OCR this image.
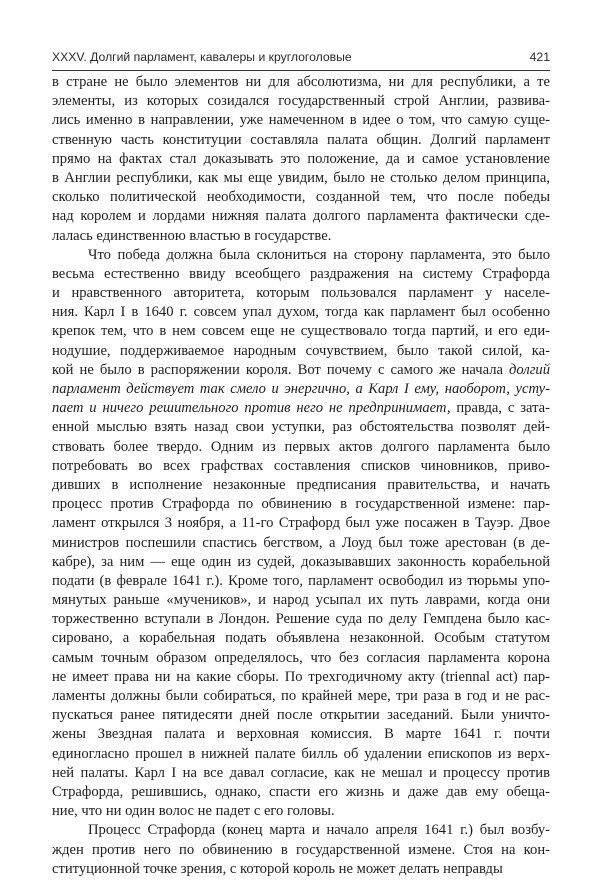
XXXV. Долгий парламент, кавалеры и круглоголовые	421
в стране не было элементов ни для абсолютизма, ни для республики, а те
элементы, из которых созидался государственный строй Англии, развива-
лись именно в направлении, уже намеченном в идее о том, что самую суще-
ственную часть конституции составляла палата общин. Долгий парламент
прямо на фактах стал доказывать это положение, да и самое установление
в Англии республики, как мы еще увидим, было не столько делом принципа,
сколько политической необходимости, созданной тем, что после победы
над королем и лордами нижняя палата долгого парламента фактически сде-
лалась единственною властью в государстве.
Что победа должна была склониться на сторону парламента, это было
весьма естественно ввиду всеобщего раздражения на систему Страфорда
и нравственного авторитета, которым пользовался парламент у населе-
ния. Карл I в 1640 г. совсем упал духом, тогда как парламент был особенно
крепок тем, что в нем совсем еще не существовало тогда партий, и его еди-
нодушие, поддерживаемое народным сочувствием, было такой силой, ка-
кой не было в распоряжении короля. Вот почему с самого же начала долгий
парламент действует так смело и энергично, а Карл I ему, наоборот, усту-
пает и ничего решительного против него не предпринимает, правда, с зата-
енной мыслью взять назад свои уступки, раз обстоятельства позволят дей-
ствовать более твердо. Одним из первых актов долгого парламента было
потребовать во всех графствах составления списков чиновников, приво-
дивших в исполнение незаконные предписания правительства, и начать
процесс против Страфорда по обвинению в государственной измене: пар-
ламент открылся 3 ноября, а 11-го Страфорд был уже посажен в Тауэр. Двое
министров поспешили спастись бегством, а Лоуд был тоже арестован (в де-
кабре), за ним — еще один из судей, доказывавших законность корабельной
подати (в феврале 1641 г.). Кроме того, парламент освободил из тюрьмы упо-
мянутых раньше «мучеников», и народ усыпал их путь лаврами, когда они
торжественно вступали в Лондон. Решение суда по делу Гемпдена было кас-
сировано, а корабельная подать объявлена незаконной. Особым статутом
самым точным образом определялось, что без согласия парламента корона
не имеет права ни на какие сборы. По трехгодичному акту (triennal act) пар-
ламенты должны были собираться, по крайней мере, три раза в год и не рас-
пускаться ранее пятидесяти дней после открытии заседаний. Были уничто-
жены Звездная палата и верховная комиссия. В марте 1641 г. почти
единогласно прошел в нижней палате билль об удалении епископов из верх-
ней палаты. Карл I на все давал согласие, как не мешал и процессу против
Страфорда, решившись, однако, спасти его жизнь и даже дав ему обеща-
ние, что ни один волос не падет с его головы.
Процесс Страфорда (конец марта и начало апреля 1641 г.) был возбу-
жден против него по обвинению в государственной измене. Стоя на кон-
ституционной точке зрения, с которой король не может делать неправды
